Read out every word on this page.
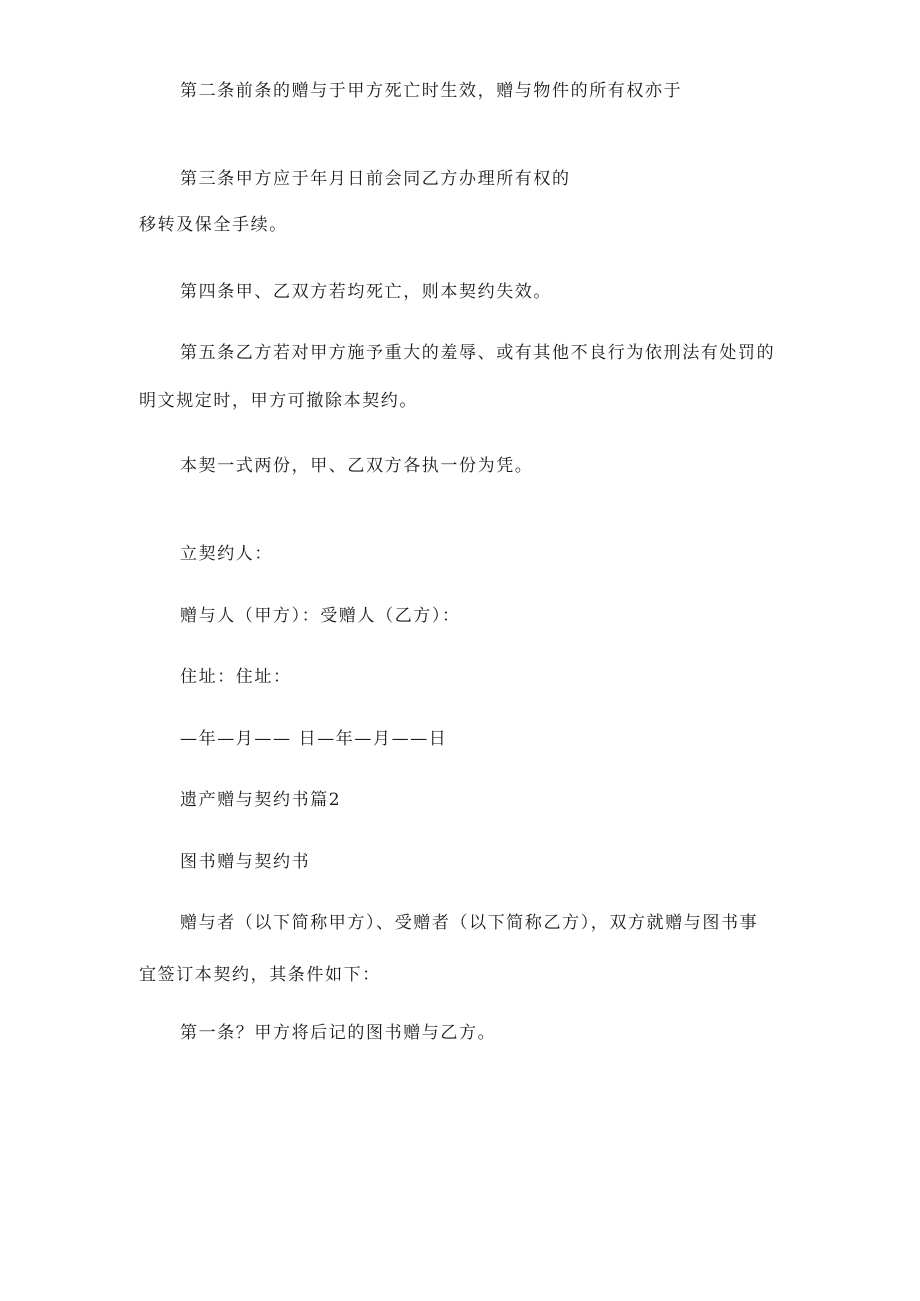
第二条前条的赠与于甲方死亡时生效，赠与物件的所有权亦于
第三条甲方应于年月日前会同乙方办理所有权的
移转及保全手续。
第四条甲、乙双方若均死亡，则本契约失效。
第五条乙方若对甲方施予重大的羞辱、或有其他不良行为依刑法有处罚的
明文规定时，甲方可撤除本契约。
本契一式两份，甲、乙双方各执一份为凭。
立契约人：
赠与人（甲方）：受赠人（乙方）：
住址：住址：
—年—月—— 日—年—月——日
遗产赠与契约书篇2
图书赠与契约书
赠与者（以下简称甲方）、受赠者（以下简称乙方），双方就赠与图书事
宜签订本契约，其条件如下：
第一条？甲方将后记的图书赠与乙方。
